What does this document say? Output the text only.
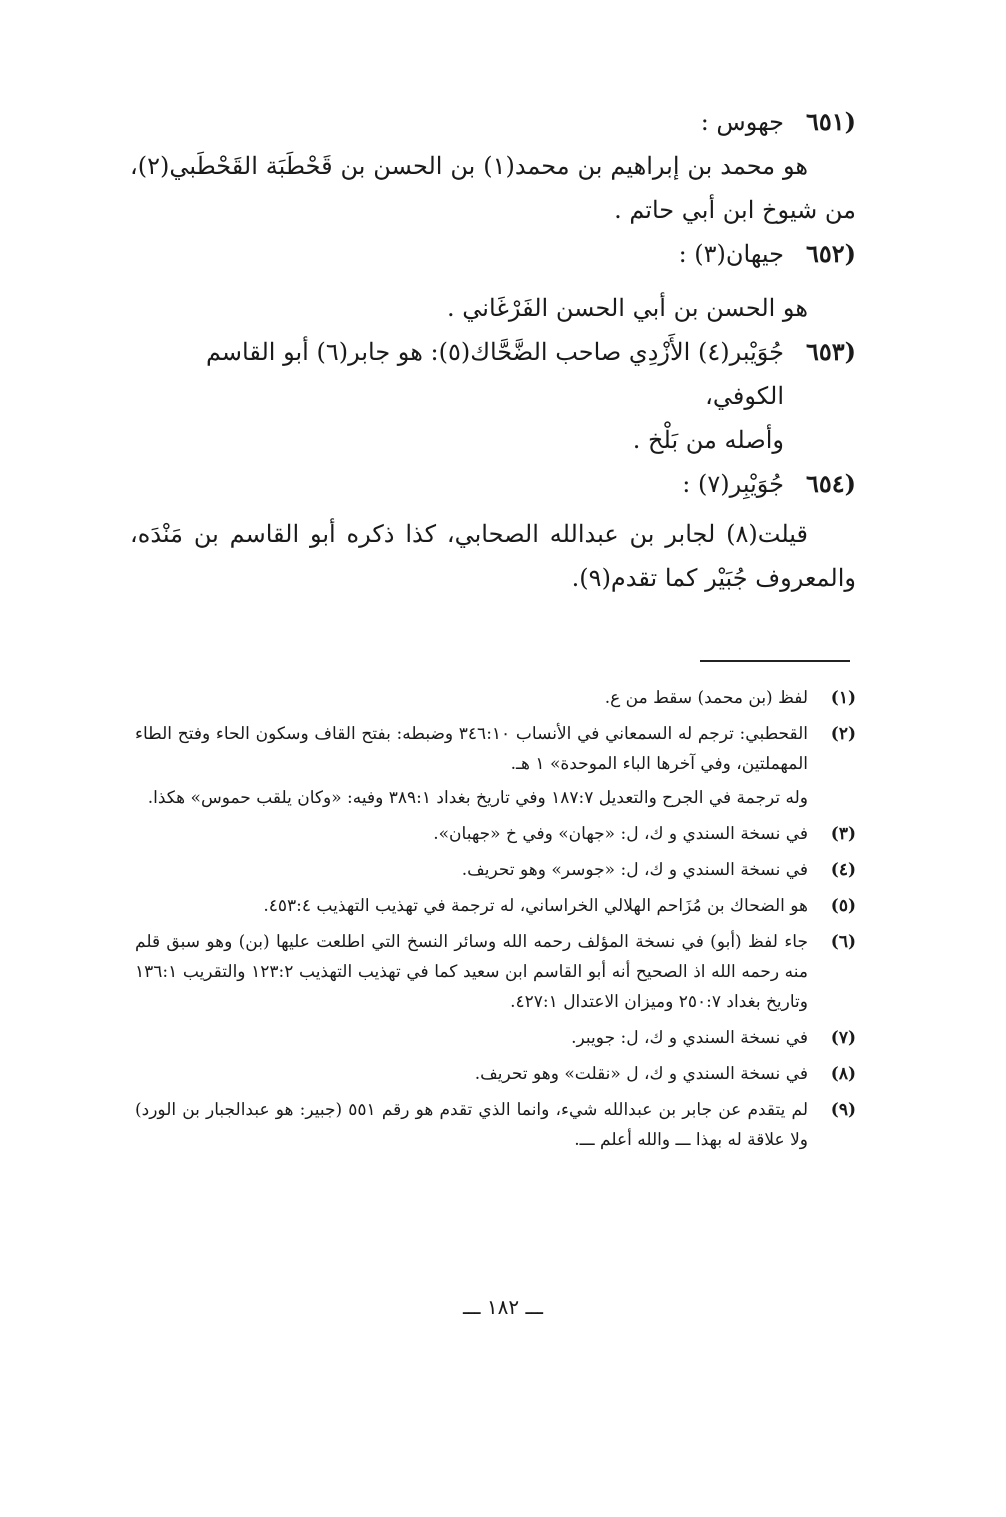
(٦٥١
جهوس :
هو محمد بن إبراهيم بن محمد(١) بن الحسن بن قَحْطَبَة القَحْطَبي(٢)، من شيوخ ابن أبي حاتم .
(٦٥٢
جيهان(٣) :
هو الحسن بن أبي الحسن الفَرْغَاني .
(٦٥٣
جُوَيْبر(٤) الأَزْدِي صاحب الضَّحَّاك(٥): هو جابر(٦) أبو القاسم الكوفي،
وأصله من بَلْخ .
(٦٥٤
جُوَيْبِر(٧) :
قيلت(٨) لجابر بن عبدالله الصحابي، كذا ذكره أبو القاسم بن مَنْدَه، والمعروف جُبَيْر كما تقدم(٩).
(١)

لفظ (بن محمد) سقط من ع.

(٢)

القحطبي: ترجم له السمعاني في الأنساب ٣٤٦:١٠ وضبطه: بفتح القاف وسكون الحاء وفتح الطاء المهملتين، وفي آخرها الباء الموحدة» ١ هـ.

وله ترجمة في الجرح والتعديل ١٨٧:٧ وفي تاريخ بغداد ٣٨٩:١ وفيه: «وكان يلقب حموس» هكذا.

(٣)

في نسخة السندي و ك، ل: «جهان» وفي خ «جهبان».

(٤)

في نسخة السندي و ك، ل: «جوسر» وهو تحريف.

(٥)

هو الضحاك بن مُزَاحم الهلالي الخراساني، له ترجمة في تهذيب التهذيب ٤٥٣:٤.

(٦)

جاء لفظ (أبو) في نسخة المؤلف رحمه الله وسائر النسخ التي اطلعت عليها (بن) وهو سبق قلم منه رحمه الله اذ الصحيح أنه أبو القاسم ابن سعيد كما في تهذيب التهذيب ١٢٣:٢ والتقريب ١٣٦:١ وتاريخ بغداد ٢٥٠:٧ وميزان الاعتدال ٤٢٧:١.

(٧)

في نسخة السندي و ك، ل: جويبر.

(٨)

في نسخة السندي و ك، ل «نقلت» وهو تحريف.

(٩)

لم يتقدم عن جابر بن عبدالله شيء، وانما الذي تقدم هو رقم ٥٥١ (جبير: هو عبدالجبار بن الورد) ولا علاقة له بهذا ـــ والله أعلم ـــ.

ـــ ١٨٢ ـــ
